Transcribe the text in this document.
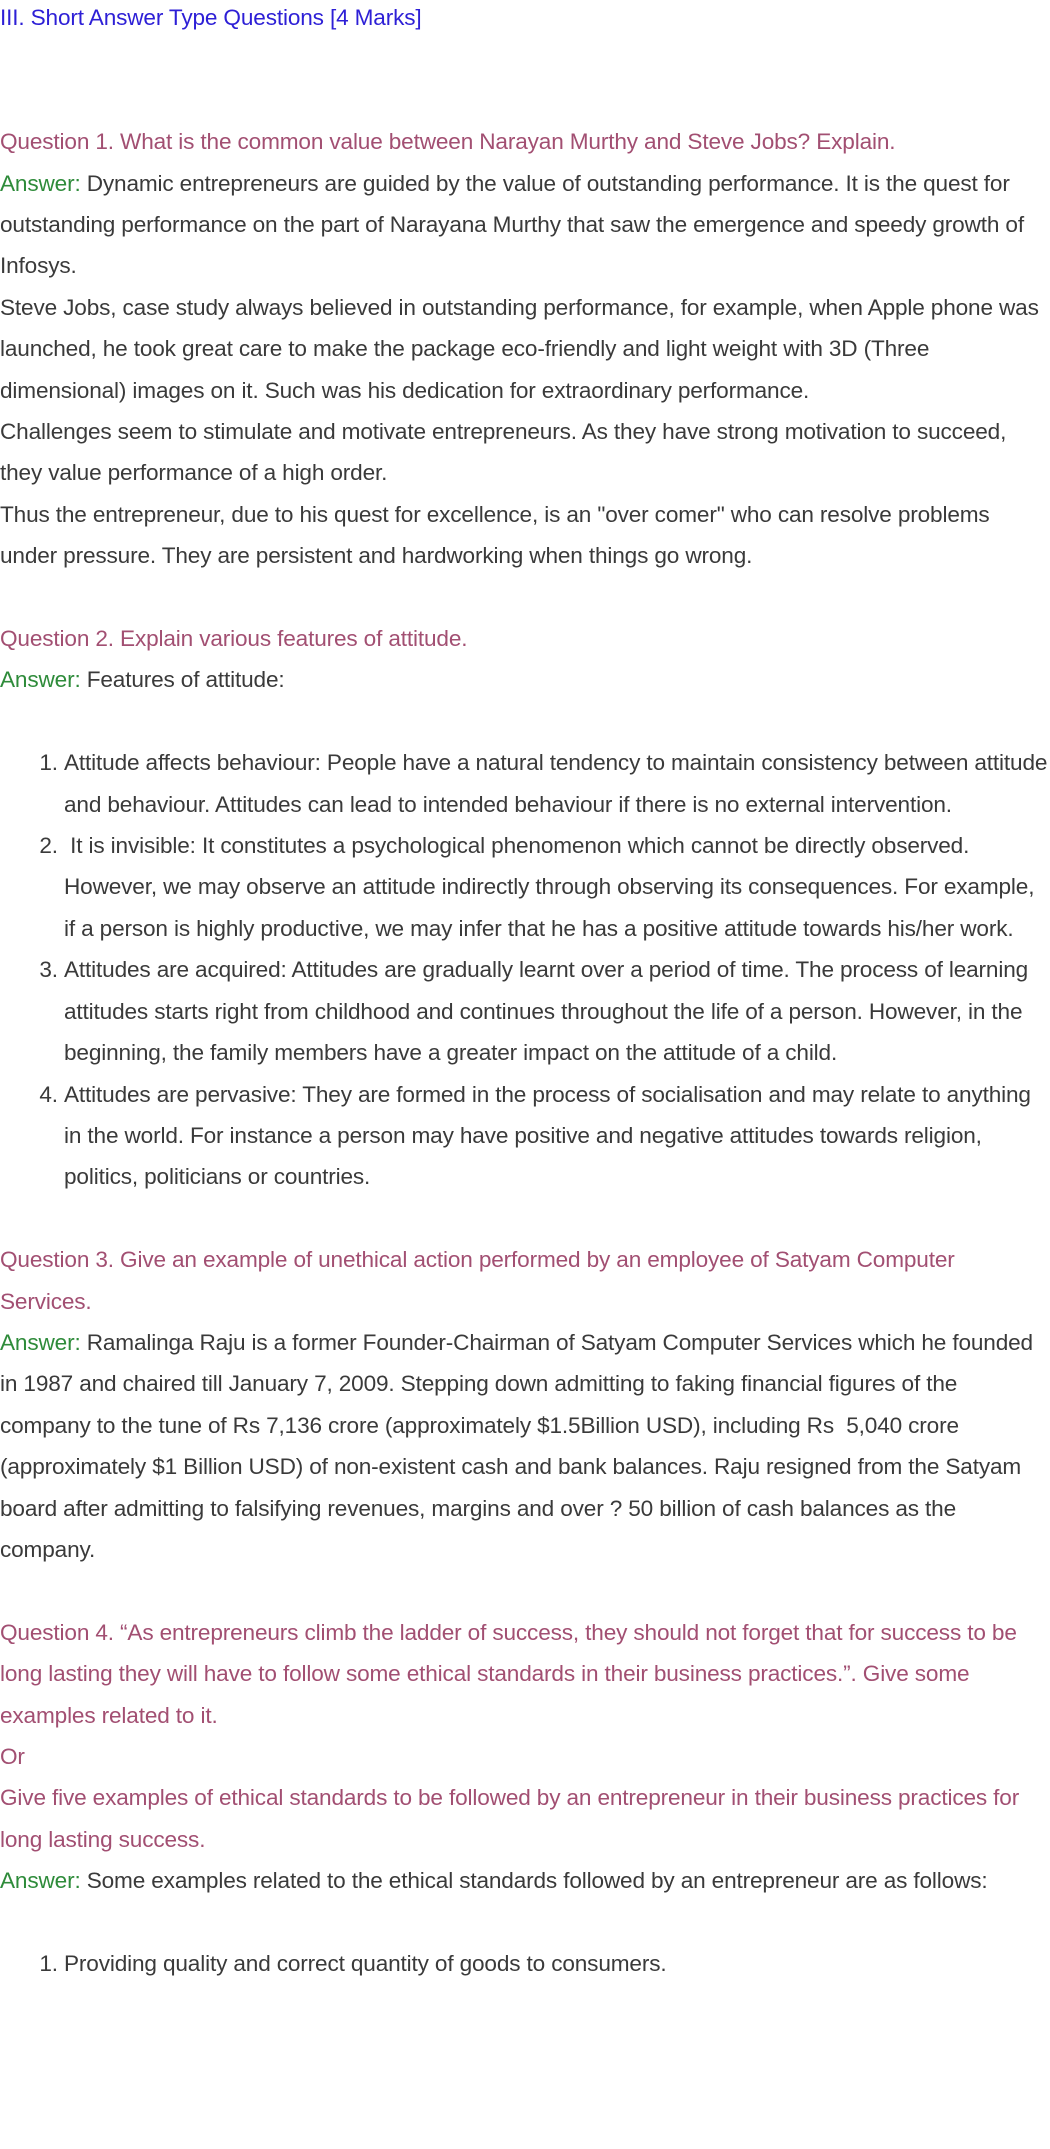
III. Short Answer Type Questions [4 Marks]

Question 1. What is the common value between Narayan Murthy and Steve Jobs? Explain.

Answer: Dynamic entrepreneurs are guided by the value of outstanding performance. It is the quest for outstanding performance on the part of Narayana Murthy that saw the emergence and speedy growth of Infosys.

Steve Jobs, case study always believed in outstanding performance, for example, when Apple phone was launched, he took great care to make the package eco-friendly and light weight with 3D (Three dimensional) images on it. Such was his dedication for extraordinary performance.

Challenges seem to stimulate and motivate entrepreneurs. As they have strong motivation to succeed, they value performance of a high order.

Thus the entrepreneur, due to his quest for excellence, is an "over comer" who can resolve problems under pressure. They are persistent and hardworking when things go wrong.

Question 2. Explain various features of attitude.

Answer: Features of attitude:

1. Attitude affects behaviour: People have a natural tendency to maintain consistency between attitude and behaviour. Attitudes can lead to intended behaviour if there is no external intervention.
2.  It is invisible: It constitutes a psychological phenomenon which cannot be directly observed. However, we may observe an attitude indirectly through observing its consequences. For example, if a person is highly productive, we may infer that he has a positive attitude towards his/her work.
3. Attitudes are acquired: Attitudes are gradually learnt over a period of time. The process of learning attitudes starts right from childhood and continues throughout the life of a person. However, in the beginning, the family members have a greater impact on the attitude of a child.
4. Attitudes are pervasive: They are formed in the process of socialisation and may relate to anything in the world. For instance a person may have positive and negative attitudes towards religion, politics, politicians or countries.

Question 3. Give an example of unethical action performed by an employee of Satyam Computer Services.

Answer: Ramalinga Raju is a former Founder-Chairman of Satyam Computer Services which he founded in 1987 and chaired till January 7, 2009. Stepping down admitting to faking financial figures of the company to the tune of Rs 7,136 crore (approximately $1.5Billion USD), including Rs  5,040 crore (approximately $1 Billion USD) of non-existent cash and bank balances. Raju resigned from the Satyam board after admitting to falsifying revenues, margins and over ? 50 billion of cash balances as the company.

Question 4. “As entrepreneurs climb the ladder of success, they should not forget that for success to be long lasting they will have to follow some ethical standards in their business practices.”. Give some examples related to it.

Or

Give five examples of ethical standards to be followed by an entrepreneur in their business practices for long lasting success.

Answer: Some examples related to the ethical standards followed by an entrepreneur are as follows:

1. Providing quality and correct quantity of goods to consumers.
